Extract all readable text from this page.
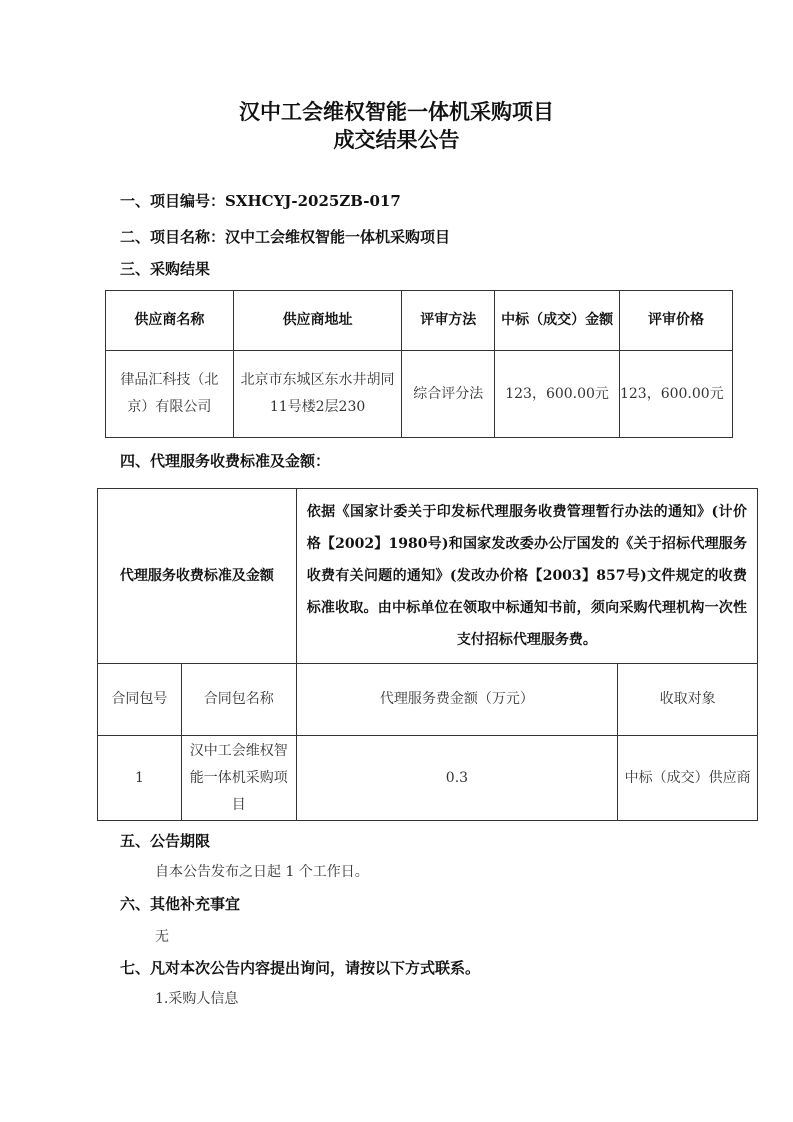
汉中工会维权智能一体机采购项目
成交结果公告
一、项目编号：SXHCYJ-2025ZB-017
二、项目名称：汉中工会维权智能一体机采购项目
三、采购结果
供应商名称	供应商地址	评审方法	中标（成交）金额	评审价格
律品汇科技（北京）有限公司	北京市东城区东水井胡同11号楼2层230	综合评分法	123，600.00元	123，600.00元
四、代理服务收费标准及金额：
代理服务收费标准及金额		依据《国家计委关于印发标代理服务收费管理暂行办法的通知》(计价格【2002】1980号)和国家发改委办公厅国发的《关于招标代理服务收费有关问题的通知》(发改办价格【2003】857号)文件规定的收费标准收取。由中标单位在领取中标通知书前，须向采购代理机构一次性支付招标代理服务费。	
合同包号	合同包名称	代理服务费金额（万元）	收取对象
1	汉中工会维权智能一体机采购项目	0.3	中标（成交）供应商
五、公告期限
自本公告发布之日起 1 个工作日。
六、其他补充事宜
无
七、凡对本次公告内容提出询问，请按以下方式联系。
1.采购人信息
